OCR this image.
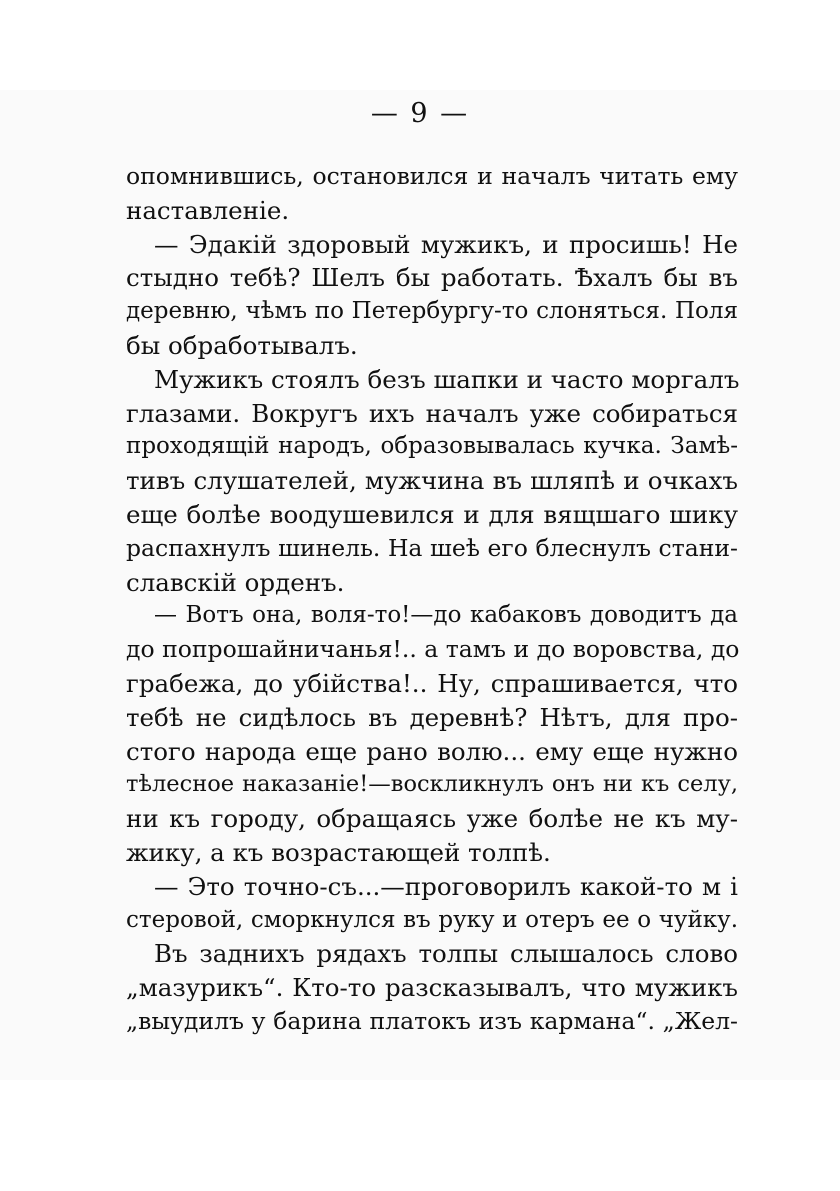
— 9 —
опомнившись, остановился и началъ читать ему
наставленіе.
— Эдакій здоровый мужикъ, и просишь! Не
стыдно тебѣ? Шелъ бы работать. Ѣхалъ бы въ
деревню, чѣмъ по Петербургу-то слоняться. Поля
бы обработывалъ.
Мужикъ стоялъ безъ шапки и часто моргалъ
глазами. Вокругъ ихъ началъ уже собираться
проходящій народъ, образовывалась кучка. Замѣ-
тивъ слушателей, мужчина въ шляпѣ и очкахъ
еще болѣе воодушевился и для вящшаго шику
распахнулъ шинель. На шеѣ его блеснулъ стани-
славскій орденъ.
— Вотъ она, воля-то!—до кабаковъ доводитъ да
до попрошайничанья!.. а тамъ и до воровства, до
грабежа, до убійства!.. Ну, спрашивается, что
тебѣ не сидѣлось въ деревнѣ? Нѣтъ, для про-
стого народа еще рано волю... ему еще нужно
тѣлесное наказаніе!—воскликнулъ онъ ни къ селу,
ни къ городу, обращаясь уже болѣе не къ му-
жику, а къ возрастающей толпѣ.
— Это точно-съ...—проговорилъ какой-то м і
стеровой, сморкнулся въ руку и отеръ ее о чуйку.
Въ заднихъ рядахъ толпы слышалось слово
„мазурикъ“. Кто-то разсказывалъ, что мужикъ
„выудилъ у барина платокъ изъ кармана“. „Жел-
